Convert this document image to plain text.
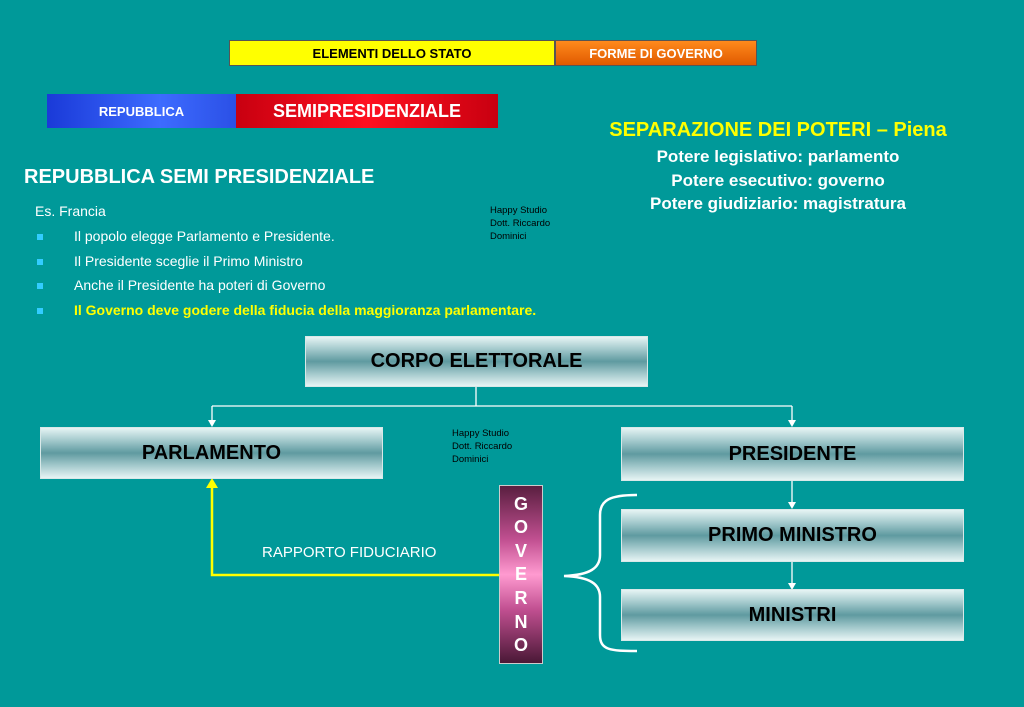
ELEMENTI DELLO STATO	FORME DI GOVERNO
REPUBBLICA	SEMIPRESIDENZIALE
REPUBBLICA SEMI PRESIDENZIALE
Es. Francia
Il popolo elegge Parlamento e Presidente.
Il Presidente sceglie il Primo Ministro
Anche il Presidente ha poteri di Governo
Il Governo deve godere della fiducia della maggioranza parlamentare.
Happy Studio
Dott. Riccardo
Dominici
SEPARAZIONE DEI POTERI – Piena
Potere legislativo: parlamento
Potere esecutivo: governo
Potere giudiziario: magistratura
CORPO ELETTORALE
PARLAMENTO	PRESIDENTE
PRIMO MINISTRO
MINISTRI
Happy Studio
Dott. Riccardo
Dominici
RAPPORTO FIDUCIARIO
G
O
V
E
R
N
O
